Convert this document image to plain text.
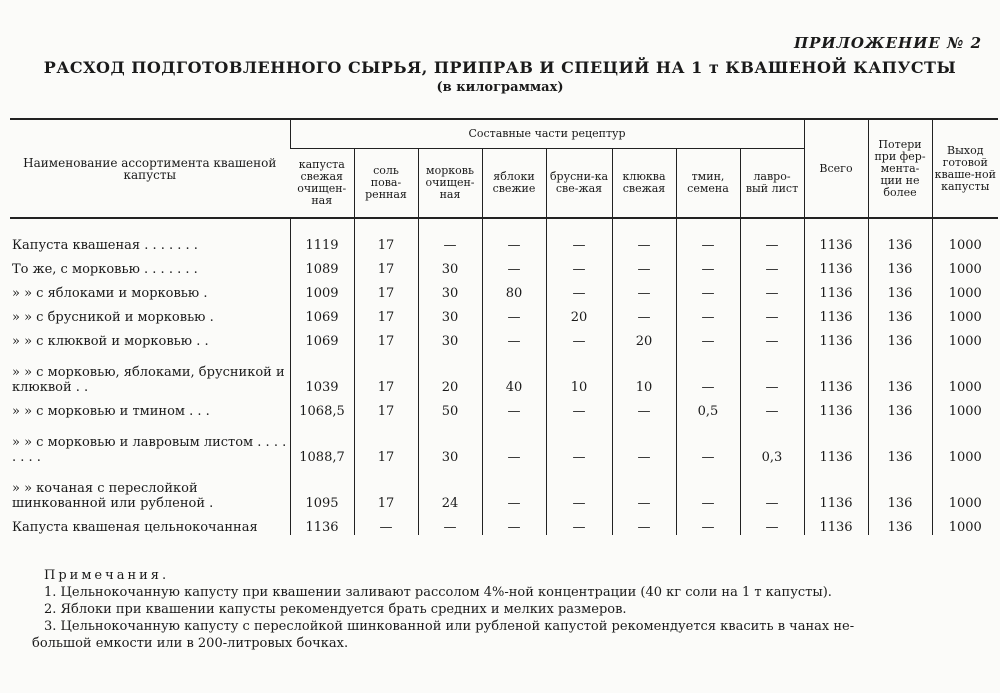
ПРИЛОЖЕНИЕ № 2
РАСХОД ПОДГОТОВЛЕННОГО СЫРЬЯ, ПРИПРАВ И СПЕЦИЙ НА 1 т КВАШЕНОЙ КАПУСТЫ
(в килограммах)
Наименование ассортимента квашеной капусты	Составные части рецептур								Всего	Потери при фер-мента-ции не более	Выход готовой кваше-ной капусты
	капуста свежая очищен-ная	соль пова-ренная	морковь очищен-ная	яблоки свежие	брусни-ка све-жая	клюква свежая	тмин, семена	лавро-вый лист			
Капуста квашеная . . . . . . .	1119	17	—	—	—	—	—	—	1136	136	1000
То же, с морковью . . . . . . .	1089	17	30	—	—	—	—	—	1136	136	1000
» » с яблоками и морковью .	1009	17	30	80	—	—	—	—	1136	136	1000
» » с брусникой и морковью .	1069	17	30	—	20	—	—	—	1136	136	1000
» » с клюквой и морковью . .	1069	17	30	—	—	20	—	—	1136	136	1000
» » с морковью, яблоками, брусникой и клюквой . .	1039	17	20	40	10	10	—	—	1136	136	1000
» » с морковью и тмином . . .	1068,5	17	50	—	—	—	0,5	—	1136	136	1000
» » с морковью и лавровым листом . . . . . . . .	1088,7	17	30	—	—	—	—	0,3	1136	136	1000
» » кочаная с переслойкой шинкованной или рубленой .	1095	17	24	—	—	—	—	—	1136	136	1000
Капуста квашеная цельнокочанная	1136	—	—	—	—	—	—	—	1136	136	1000
Примечания.
1. Цельнокочанную капусту при квашении заливают рассолом 4%-ной концентрации (40 кг соли на 1 т капусты).
2. Яблоки при квашении капусты рекомендуется брать средних и мелких размеров.
3. Цельнокочанную капусту с переслойкой шинкованной или рубленой капустой рекомендуется квасить в чанах не-
большой емкости или в 200-литровых бочках.
